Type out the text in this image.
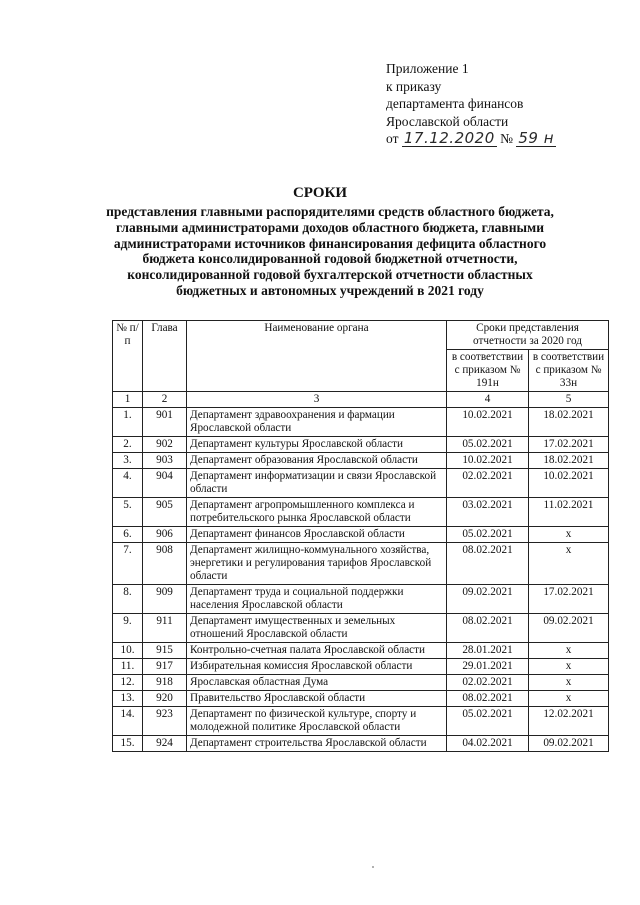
Приложение 1
к приказу
департамента финансов
Ярославской области
от 17.12.2020 № 59 н
СРОКИ
представления главными распорядителями средств областного бюджета, главными администраторами доходов областного бюджета, главными администраторами источников финансирования дефицита областного бюджета консолидированной годовой бюджетной отчетности, консолидированной годовой бухгалтерской отчетности областных бюджетных и автономных учреждений в 2021 году
№ п/п	Глава	Наименование органа	Сроки представления отчетности за 2020 год	
			в соответствии с приказом № 191н	в соответствии с приказом № 33н
1	2	3	4	5
1.	901	Департамент здравоохранения и фармации Ярославской области	10.02.2021	18.02.2021
2.	902	Департамент культуры Ярославской области	05.02.2021	17.02.2021
3.	903	Департамент образования Ярославской области	10.02.2021	18.02.2021
4.	904	Департамент информатизации и связи Ярославской области	02.02.2021	10.02.2021
5.	905	Департамент агропромышленного комплекса и потребительского рынка Ярославской области	03.02.2021	11.02.2021
6.	906	Департамент финансов Ярославской области	05.02.2021	х
7.	908	Департамент жилищно-коммунального хозяйства, энергетики и регулирования тарифов Ярославской области	08.02.2021	х
8.	909	Департамент труда и социальной поддержки населения Ярославской области	09.02.2021	17.02.2021
9.	911	Департамент имущественных и земельных отношений Ярославской области	08.02.2021	09.02.2021
10.	915	Контрольно-счетная палата Ярославской области	28.01.2021	х
11.	917	Избирательная комиссия Ярославской области	29.01.2021	х
12.	918	Ярославская областная Дума	02.02.2021	х
13.	920	Правительство Ярославской области	08.02.2021	х
14.	923	Департамент по физической культуре, спорту и молодежной политике Ярославской области	05.02.2021	12.02.2021
15.	924	Департамент строительства Ярославской области	04.02.2021	09.02.2021
